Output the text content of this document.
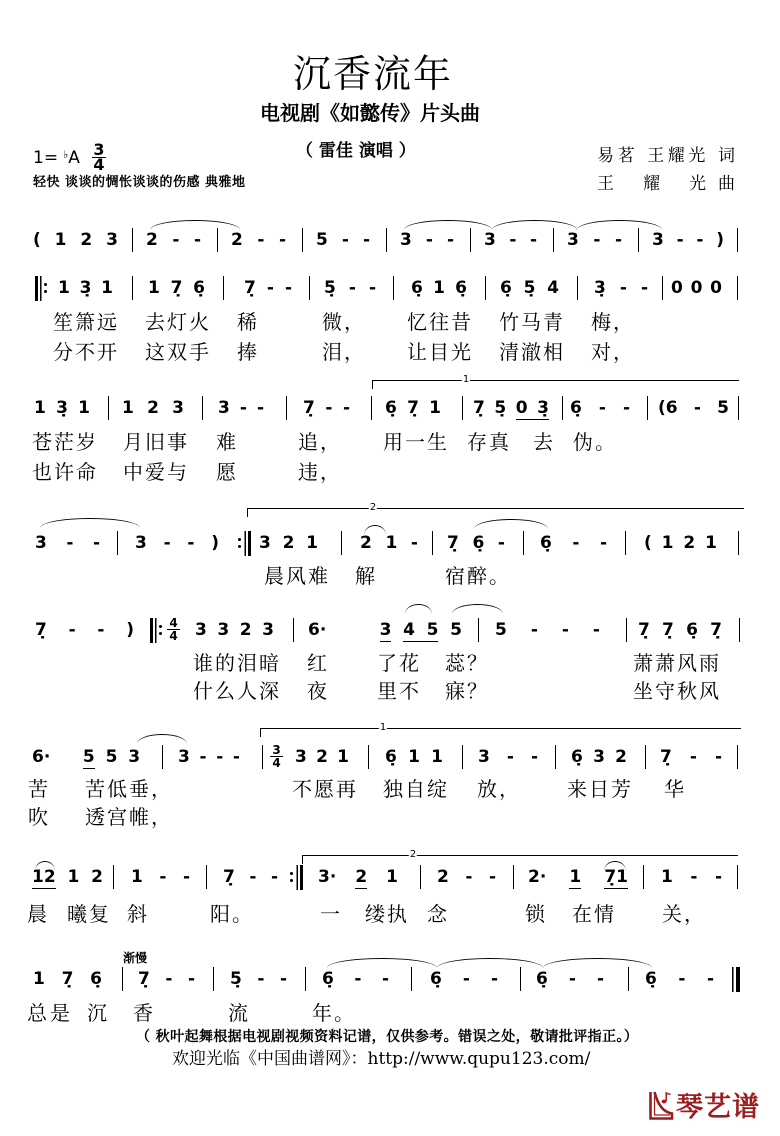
沉香流年
电视剧《如懿传》片头曲
（ 雷佳 演唱 ）
$1= ^♭A \frac{3}{4}$
轻快 谈谈的惆怅谈谈的伤感 典雅地
易茗 王耀光 词
王 耀 光曲
( 1 2 3 2 - - 2 - - 5 - - 3 - - 3 - - 3 - - 3 - - )
1 3̣ 1 1 7̣ 6̣ 7̣ - - 5̣ - - 6̣ 1 6̣ 6̣ 5̣ 4 3̣ - - 0 0 0
笙箫远 去灯火 稀	微， 忆往昔 竹马青 梅，
分不开 这双手 捧	泪， 让目光 清澈相 对，
1
1 3̣ 1 1 2 3 3 - - 7̣ - - 6̣ 7̣ 1 7̣ 5̣ 0 3̣ 6̣ - - (6 - 5
苍茫岁 月旧事 难	追， 用一生 存真 去 伪。
也许命 中爱与 愿	违，
2
3 - - 3 - - ) 3 2 1 2 1 - 7̣ 6̣ - 6̣ - - ( 1 2 1
晨风难 解	宿醉。
7̣ - - )	$\frac{4}{4} 3$ 3 2 3 6·	3 4 5 5 5 - - - 7̣ 7̣ 6̣ 7̣
谁的泪暗 红 了花 蕊？	萧萧风雨
什么人深 夜 里不 寐？	坐守秋风
1
6· 5 5 3 3 - - -	$\frac{3}{4} 3$ 2 1 6̣ 1 1 3 - - 6̣ 3 2 7̣ - -
苦 苦低垂，	不愿再 独自绽 放， 来日芳 华
吹 透宫帷，
2
12 1 2 1 - - 7̣ - - 3· 2 1 2 - - 2· 1 7̣1 1 - -
晨 曦复 斜	阳。	一 缕执 念	锁 在情 关，
渐慢
1 7̣ 6̣ 7̣ - - 5̣ - - 6̣ - - 6̣ - - 6̣ - - 6̣ - -
总 是 沉 香	流	年。
（ 秋叶起舞根据电视剧视频资料记谱，仅供参考。错误之处，敬请批评指正。）
欢迎光临《中国曲谱网》：http://www.qupu123.com/
琴艺谱
